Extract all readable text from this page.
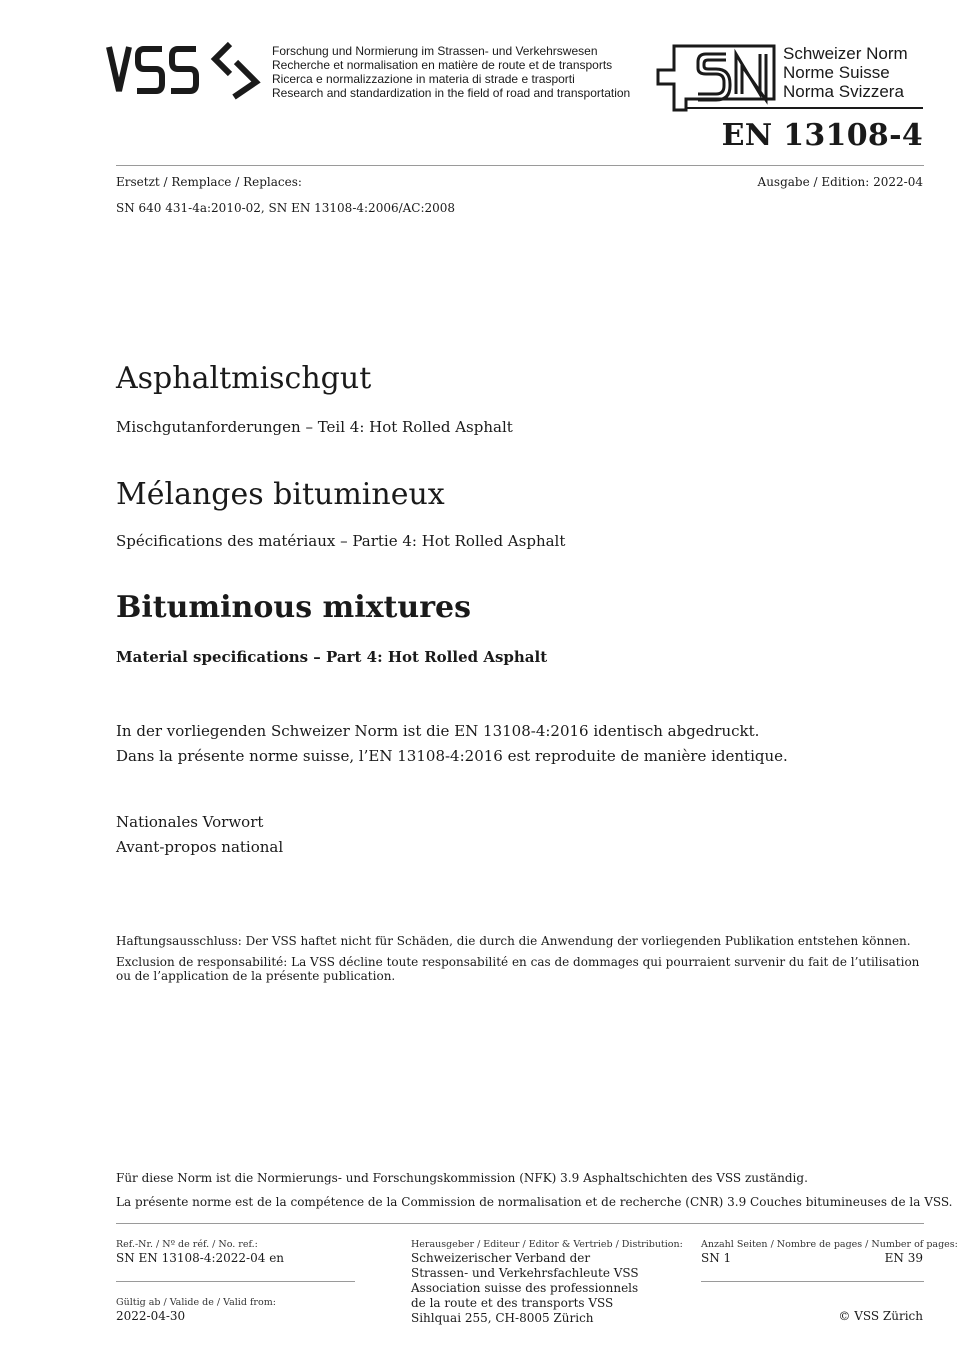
Forschung und Normierung im Strassen- und Verkehrswesen
Recherche et normalisation en matière de route et de transports
Ricerca e normalizzazione in materia di strade e trasporti
Research and standardization in the field of road and transportation
Schweizer Norm
Norme Suisse
Norma Svizzera
EN 13108-4
Ersetzt / Remplace / Replaces:	Ausgabe / Edition: 2022-04
SN 640 431-4a:2010-02, SN EN 13108-4:2006/AC:2008
Asphaltmischgut
Mischgutanforderungen – Teil 4: Hot Rolled Asphalt
Mélanges bitumineux
Spécifications des matériaux – Partie 4: Hot Rolled Asphalt
Bituminous mixtures
Material specifications – Part 4: Hot Rolled Asphalt
In der vorliegenden Schweizer Norm ist die EN 13108-4:2016 identisch abgedruckt.
Dans la présente norme suisse, l’EN 13108-4:2016 est reproduite de manière identique.
Nationales Vorwort
Avant-propos national
Haftungsausschluss: Der VSS haftet nicht für Schäden, die durch die Anwendung der vorliegenden Publikation entstehen können.
Exclusion de responsabilité: La VSS décline toute responsabilité en cas de dommages qui pourraient survenir du fait de l’utilisation
ou de l’application de la présente publication.
Für diese Norm ist die Normierungs- und Forschungskommission (NFK) 3.9 Asphaltschichten des VSS zuständig.
La présente norme est de la compétence de la Commission de normalisation et de recherche (CNR) 3.9 Couches bitumineuses de la VSS.
Ref.-Nr. / Nº de réf. / No. ref.:
SN EN 13108-4:2022-04 en
Gültig ab / Valide de / Valid from:
2022-04-30
Herausgeber / Editeur / Editor & Vertrieb / Distribution:
Schweizerischer Verband der
Strassen- und Verkehrsfachleute VSS
Association suisse des professionnels
de la route et des transports VSS
Sihlquai 255, CH-8005 Zürich
Anzahl Seiten / Nombre de pages / Number of pages:
SN 1	EN 39
© VSS Zürich
